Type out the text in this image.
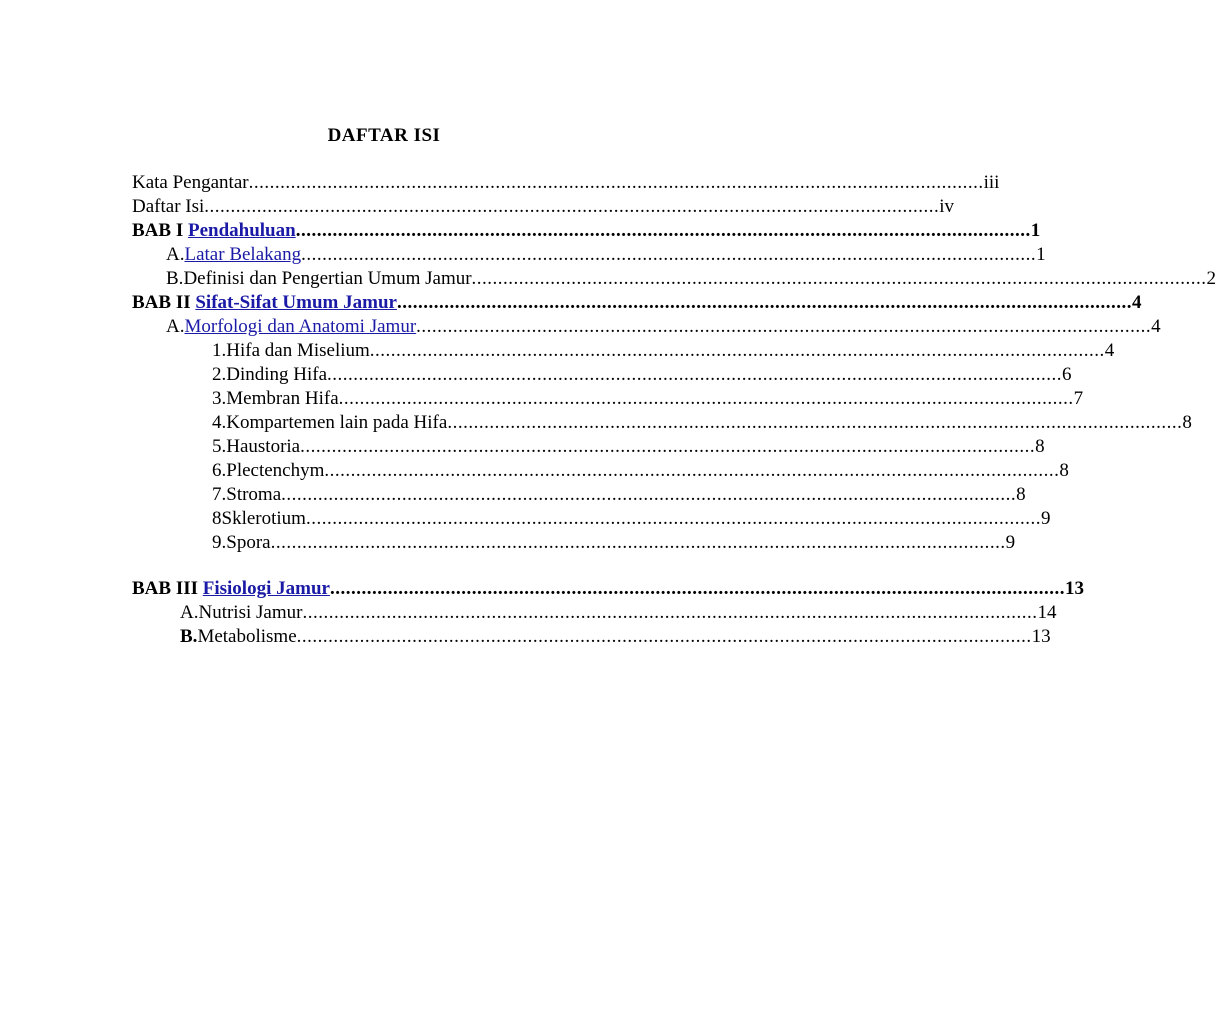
DAFTAR ISI
Kata Pengantar ............................................................................................................................................ iii
Daftar Isi ............................................................................................................................................ iv
BAB I
Pendahuluan ............................................................................................................................................ 1
A. Latar Belakang ............................................................................................................................................ 1
B. Definisi dan Pengertian Umum Jamur ............................................................................................................................................ 2
BAB II
Sifat-Sifat Umum Jamur ............................................................................................................................................ 4
A. Morfologi dan Anatomi Jamur ............................................................................................................................................ 4
1. Hifa dan Miselium ............................................................................................................................................ 4
2. Dinding Hifa ............................................................................................................................................ 6
3. Membran Hifa ............................................................................................................................................ 7
4. Kompartemen lain pada Hifa ............................................................................................................................................ 8
5. Haustoria ............................................................................................................................................ 8
6. Plectenchym ............................................................................................................................................ 8
7. Stroma ............................................................................................................................................ 8
8 Sklerotium ............................................................................................................................................ 9
9. Spora ............................................................................................................................................ 9
BAB III
Fisiologi Jamur ............................................................................................................................................ 13
A. Nutrisi Jamur ............................................................................................................................................ 14
B. Metabolisme ............................................................................................................................................ 13
